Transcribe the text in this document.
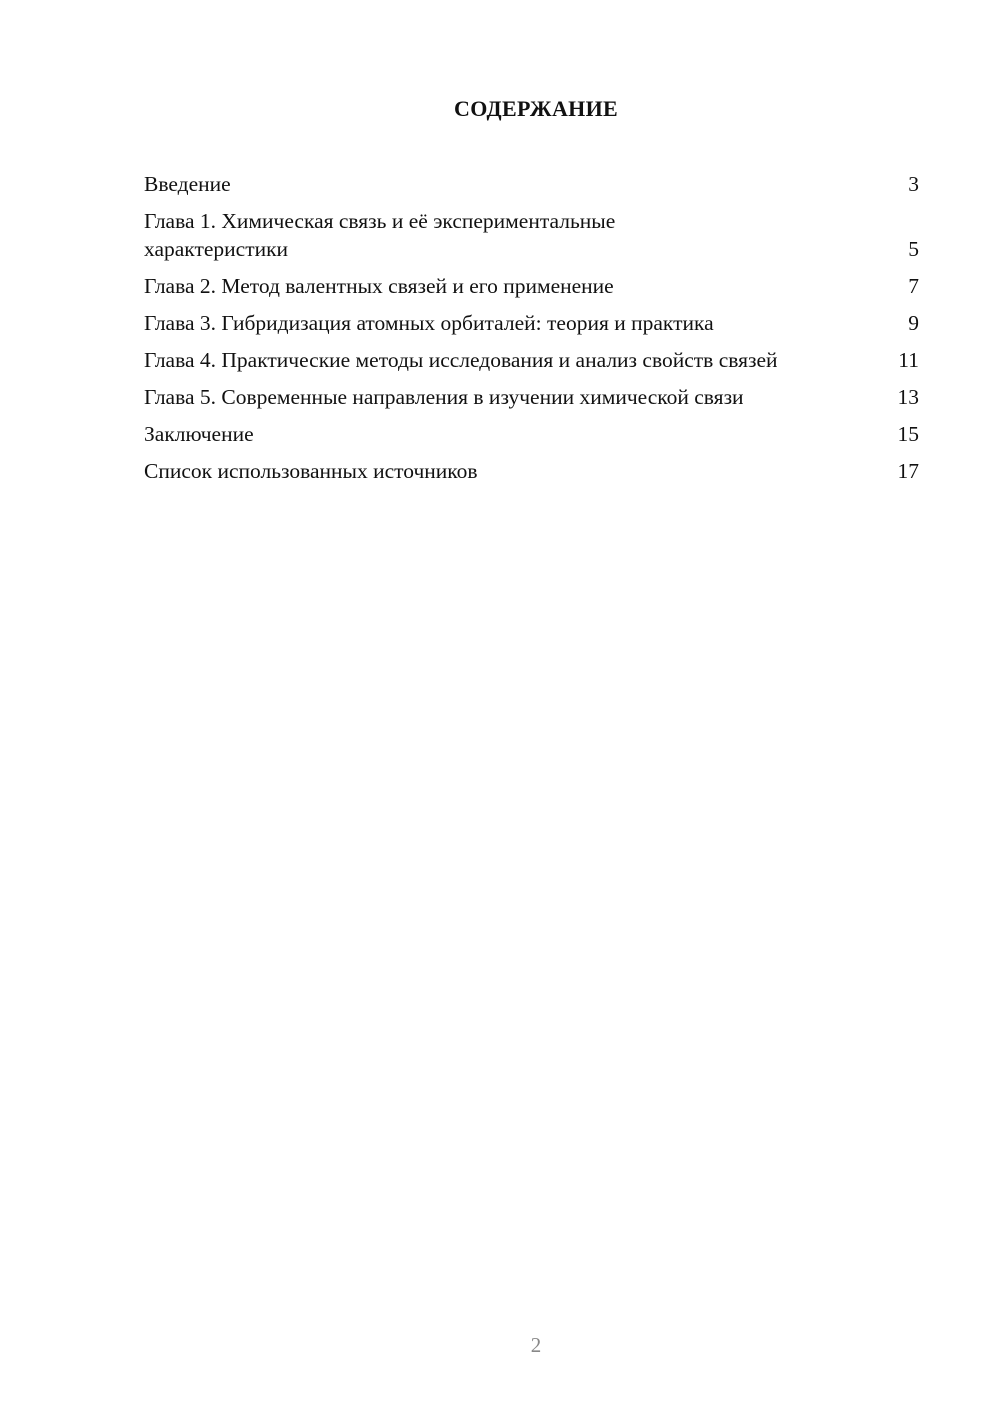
СОДЕРЖАНИЕ
Введение	3
Глава 1. Химическая связь и её экспериментальные характеристики	5
Глава 2. Метод валентных связей и его применение	7
Глава 3. Гибридизация атомных орбиталей: теория и практика	9
Глава 4. Практические методы исследования и анализ свойств связей	11
Глава 5. Современные направления в изучении химической связи	13
Заключение	15
Список использованных источников	17
2
